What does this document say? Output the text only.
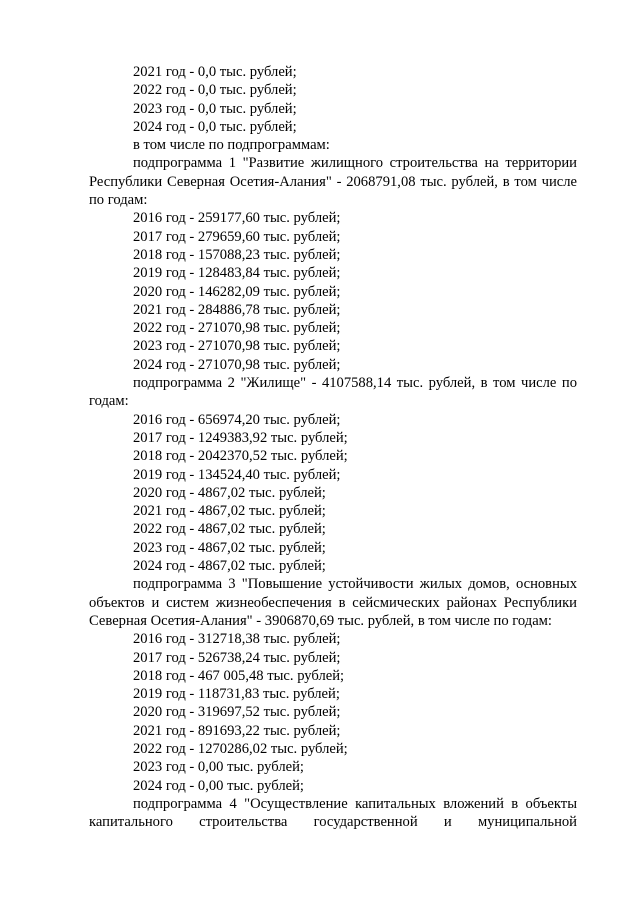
2021 год - 0,0 тыс. рублей;
2022 год - 0,0 тыс. рублей;
2023 год - 0,0 тыс. рублей;
2024 год - 0,0 тыс. рублей;
в том числе по подпрограммам:
подпрограмма 1 "Развитие жилищного строительства на территории
Республики Северная Осетия-Алания" - 2068791,08 тыс. рублей, в том числе
по годам:
2016 год - 259177,60 тыс. рублей;
2017 год - 279659,60 тыс. рублей;
2018 год - 157088,23 тыс. рублей;
2019 год - 128483,84 тыс. рублей;
2020 год - 146282,09 тыс. рублей;
2021 год - 284886,78 тыс. рублей;
2022 год - 271070,98 тыс. рублей;
2023 год - 271070,98 тыс. рублей;
2024 год - 271070,98 тыс. рублей;
подпрограмма 2 "Жилище" - 4107588,14 тыс. рублей, в том числе по
годам:
2016 год - 656974,20 тыс. рублей;
2017 год - 1249383,92 тыс. рублей;
2018 год - 2042370,52 тыс. рублей;
2019 год - 134524,40 тыс. рублей;
2020 год - 4867,02 тыс. рублей;
2021 год - 4867,02 тыс. рублей;
2022 год - 4867,02 тыс. рублей;
2023 год - 4867,02 тыс. рублей;
2024 год - 4867,02 тыс. рублей;
подпрограмма 3 "Повышение устойчивости жилых домов, основных
объектов и систем жизнеобеспечения в сейсмических районах Республики
Северная Осетия-Алания" - 3906870,69 тыс. рублей, в том числе по годам:
2016 год - 312718,38 тыс. рублей;
2017 год - 526738,24 тыс. рублей;
2018 год - 467 005,48 тыс. рублей;
2019 год - 118731,83 тыс. рублей;
2020 год - 319697,52 тыс. рублей;
2021 год - 891693,22 тыс. рублей;
2022 год - 1270286,02 тыс. рублей;
2023 год - 0,00 тыс. рублей;
2024 год - 0,00 тыс. рублей;
подпрограмма 4 "Осуществление капитальных вложений в объекты
капитального строительства государственной и муниципальной
